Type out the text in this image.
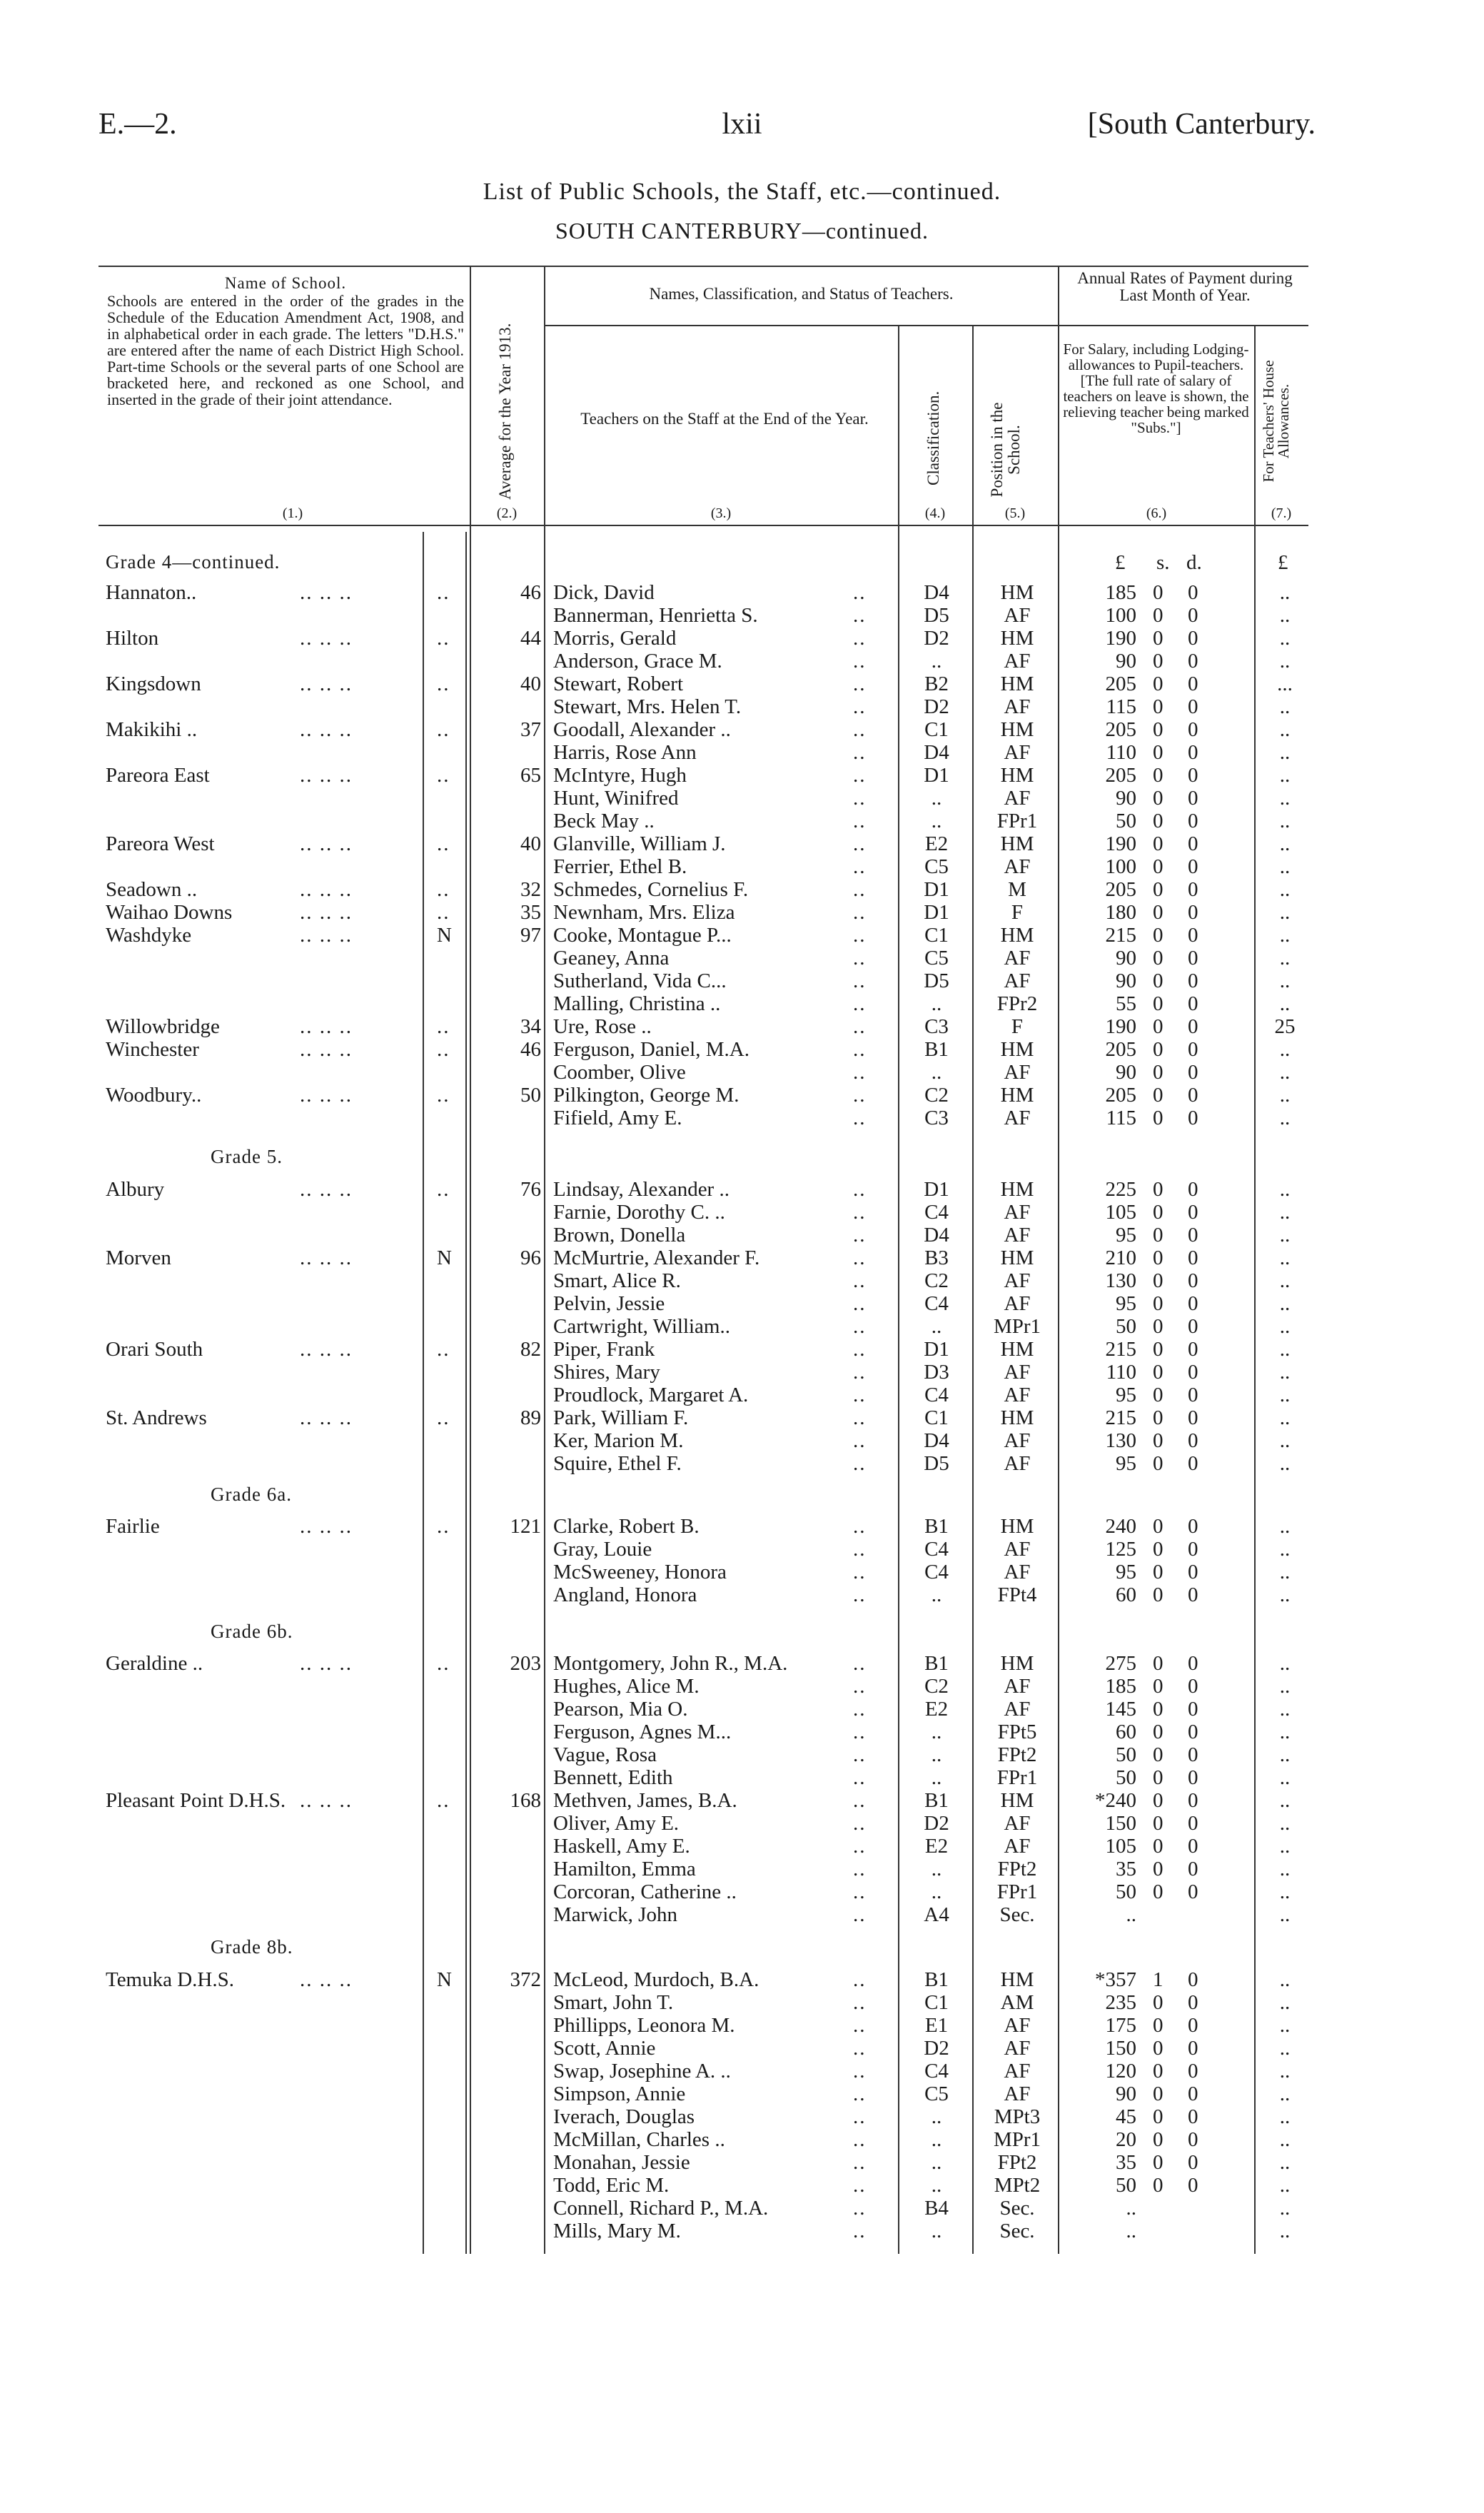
E.—2.	lxii	[South Canterbury.
List of Public Schools, the Staff, etc.—continued.
SOUTH CANTERBURY—continued.
Name of School.
Schools are entered in the order of the grades in the Schedule of the Education Amendment Act, 1908, and in alphabetical order in each grade. The letters "D.H.S." are entered after the name of each District High School. Part-time Schools or the several parts of one School are bracketed here, and reckoned as one School, and inserted in the grade of their joint attendance.	Average for the Year 1913.
Names, Classification, and Status of Teachers.
Teachers on the Staff at the End of the Year.	Classification.	Position in the School.
Annual Rates of Payment during Last Month of Year.
For Salary, including Lodging-allowances to Pupil-teachers. [The full rate of salary of teachers on leave is shown, the relieving teacher being marked "Subs."]	For Teachers' House Allowances.
(1.)	(2.)	(3.)	(4.)	(5.)	(6.)	(7.)
£ s. d.	£
Grade 4—continued.
Grade 5.
Grade 6a.
Grade 6b.
Grade 8b.
Hannaton..	.. .. ..	..	46 Dick, David	..	D4	HM	185 0 0	..
Bannerman, Henrietta S.	..	D5	AF	100 0 0	..
Hilton	.. .. ..	..	44 Morris, Gerald	..	D2	HM	190 0 0	..
Anderson, Grace M.	..	..	AF	90 0 0	..
Kingsdown	.. .. ..	..	40 Stewart, Robert	..	B2	HM	205 0 0	...
Stewart, Mrs. Helen T.	..	D2	AF	115 0 0	..
Makikihi ..	.. .. ..	..	37 Goodall, Alexander ..	..	C1	HM	205 0 0	..
Harris, Rose Ann	..	D4	AF	110 0 0	..
Pareora East	.. .. ..	..	65 McIntyre, Hugh	..	D1	HM	205 0 0	..
Hunt, Winifred	..	..	AF	90 0 0	..
Beck May ..	..	..	FPr1	50 0 0	..
Pareora West	.. .. ..	..	40 Glanville, William J.	..	E2	HM	190 0 0	..
Ferrier, Ethel B.	..	C5	AF	100 0 0	..
Seadown ..	.. .. ..	..	32 Schmedes, Cornelius F.	..	D1	M	205 0 0	..
Waihao Downs	.. .. ..	..	35 Newnham, Mrs. Eliza	..	D1	F	180 0 0	..
Washdyke	.. .. ..	N	97 Cooke, Montague P...	..	C1	HM	215 0 0	..
Geaney, Anna	..	C5	AF	90 0 0	..
Sutherland, Vida C...	..	D5	AF	90 0 0	..
Malling, Christina ..	..	..	FPr2	55 0 0	..
Willowbridge	.. .. ..	..	34 Ure, Rose ..	..	C3	F	190 0 0	25
Winchester	.. .. ..	..	46 Ferguson, Daniel, M.A.	..	B1	HM	205 0 0	..
Coomber, Olive	..	..	AF	90 0 0	..
Woodbury..	.. .. ..	..	50 Pilkington, George M.	..	C2	HM	205 0 0	..
Fifield, Amy E.	..	C3	AF	115 0 0	..
Albury	.. .. ..	..	76 Lindsay, Alexander ..	..	D1	HM	225 0 0	..
Farnie, Dorothy C. ..	..	C4	AF	105 0 0	..
Brown, Donella	..	D4	AF	95 0 0	..
Morven	.. .. ..	N	96 McMurtrie, Alexander F.	..	B3	HM	210 0 0	..
Smart, Alice R.	..	C2	AF	130 0 0	..
Pelvin, Jessie	..	C4	AF	95 0 0	..
Cartwright, William..	..	..	MPr1	50 0 0	..
Orari South	.. .. ..	..	82 Piper, Frank	..	D1	HM	215 0 0	..
Shires, Mary	..	D3	AF	110 0 0	..
Proudlock, Margaret A.	..	C4	AF	95 0 0	..
St. Andrews	.. .. ..	..	89 Park, William F.	..	C1	HM	215 0 0	..
Ker, Marion M.	..	D4	AF	130 0 0	..
Squire, Ethel F.	..	D5	AF	95 0 0	..
Fairlie	.. .. ..	..	121 Clarke, Robert B.	..	B1	HM	240 0 0	..
Gray, Louie	..	C4	AF	125 0 0	..
McSweeney, Honora	..	C4	AF	95 0 0	..
Angland, Honora	..	..	FPt4	60 0 0	..
Geraldine ..	.. .. ..	..	203 Montgomery, John R., M.A.	..	B1	HM	275 0 0	..
Hughes, Alice M.	..	C2	AF	185 0 0	..
Pearson, Mia O.	..	E2	AF	145 0 0	..
Ferguson, Agnes M...	..	..	FPt5	60 0 0	..
Vague, Rosa	..	..	FPt2	50 0 0	..
Bennett, Edith	..	..	FPr1	50 0 0	..
Pleasant Point D.H.S. .. .. ..	..	168 Methven, James, B.A.	..	B1	HM	*240 0 0	..
Oliver, Amy E.	..	D2	AF	150 0 0	..
Haskell, Amy E.	..	E2	AF	105 0 0	..
Hamilton, Emma	..	..	FPt2	35 0 0	..
Corcoran, Catherine ..	..	..	FPr1	50 0 0	..
Marwick, John	..	A4	Sec.	..	..
Temuka D.H.S.	.. .. ..	N	372 McLeod, Murdoch, B.A.	..	B1	HM	*357 1 0	..
Smart, John T.	..	C1	AM	235 0 0	..
Phillipps, Leonora M.	..	E1	AF	175 0 0	..
Scott, Annie	..	D2	AF	150 0 0	..
Swap, Josephine A. ..	..	C4	AF	120 0 0	..
Simpson, Annie	..	C5	AF	90 0 0	..
Iverach, Douglas	..	..	MPt3	45 0 0	..
McMillan, Charles ..	..	..	MPr1	20 0 0	..
Monahan, Jessie	..	..	FPt2	35 0 0	..
Todd, Eric M.	..	..	MPt2	50 0 0	..
Connell, Richard P., M.A.	..	B4	Sec.	..	..
Mills, Mary M.	..	..	Sec.	..	..
